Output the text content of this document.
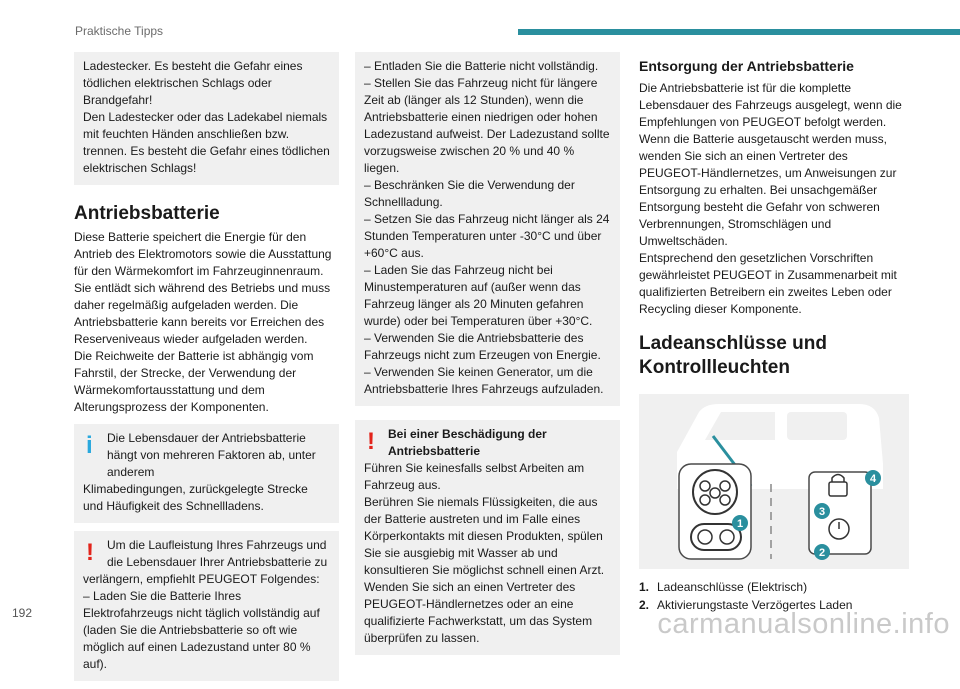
Praktische Tipps

Ladestecker. Es besteht die Gefahr eines tödlichen elektrischen Schlags oder Brandgefahr!

Den Ladestecker oder das Ladekabel niemals mit feuchten Händen anschließen bzw. trennen. Es besteht die Gefahr eines tödlichen elektrischen Schlags!

Antriebsbatterie

Diese Batterie speichert die Energie für den Antrieb des Elektromotors sowie die Ausstattung für den Wärmekomfort im Fahrzeuginnenraum. Sie entlädt sich während des Betriebs und muss daher regelmäßig aufgeladen werden. Die Antriebsbatterie kann bereits vor Erreichen des Reserveniveaus wieder aufgeladen werden.

Die Reichweite der Batterie ist abhängig vom Fahrstil, der Strecke, der Verwendung der Wärmekomfortausstattung und dem Alterungsprozess der Komponenten.

i	Die Lebensdauer der Antriebsbatterie hängt von mehreren Faktoren ab, unter anderem
Klimabedingungen, zurückgelegte Strecke und Häufigkeit des Schnellladens.
!	Um die Laufleistung Ihres Fahrzeugs und die Lebensdauer Ihrer Antriebsbatterie zu

verlängern, empfiehlt PEUGEOT Folgendes:

– Laden Sie die Batterie Ihres Elektrofahrzeugs nicht täglich vollständig auf (laden Sie die Antriebsbatterie so oft wie möglich auf einen Ladezustand unter 80 % auf).

– Entladen Sie die Batterie nicht vollständig.

– Stellen Sie das Fahrzeug nicht für längere Zeit ab (länger als 12 Stunden), wenn die Antriebsbatterie einen niedrigen oder hohen Ladezustand aufweist. Der Ladezustand sollte vorzugsweise zwischen 20 % und 40 % liegen.

– Beschränken Sie die Verwendung der Schnellladung.

– Setzen Sie das Fahrzeug nicht länger als 24 Stunden Temperaturen unter -30°C und über +60°C aus.

– Laden Sie das Fahrzeug nicht bei Minustemperaturen auf (außer wenn das Fahrzeug länger als 20 Minuten gefahren wurde) oder bei Temperaturen über +30°C.

– Verwenden Sie die Antriebsbatterie des Fahrzeugs nicht zum Erzeugen von Energie.

– Verwenden Sie keinen Generator, um die Antriebsbatterie Ihres Fahrzeugs aufzuladen.

!	Bei einer Beschädigung der Antriebsbatterie

Führen Sie keinesfalls selbst Arbeiten am Fahrzeug aus.

Berühren Sie niemals Flüssigkeiten, die aus der Batterie austreten und im Falle eines Körperkontakts mit diesen Produkten, spülen Sie sie ausgiebig mit Wasser ab und konsultieren Sie möglichst schnell einen Arzt.

Wenden Sie sich an einen Vertreter des PEUGEOT-Händlernetzes oder an eine qualifizierte Fachwerkstatt, um das System überprüfen zu lassen.

Entsorgung der Antriebsbatterie

Die Antriebsbatterie ist für die komplette Lebensdauer des Fahrzeugs ausgelegt, wenn die Empfehlungen von PEUGEOT befolgt werden.

Wenn die Batterie ausgetauscht werden muss, wenden Sie sich an einen Vertreter des PEUGEOT-Händlernetzes, um Anweisungen zur Entsorgung zu erhalten. Bei unsachgemäßer Entsorgung besteht die Gefahr von schweren Verbrennungen, Stromschlägen und Umweltschäden.

Entsprechend den gesetzlichen Vorschriften gewährleistet PEUGEOT in Zusammenarbeit mit qualifizierten Betreibern ein zweites Leben oder Recycling dieser Komponente.

Ladeanschlüsse und Kontrollleuchten
1
2
3
4
1. Ladeanschlüsse (Elektrisch)
2. Aktivierungstaste Verzögertes Laden
192	carmanualsonline.info
